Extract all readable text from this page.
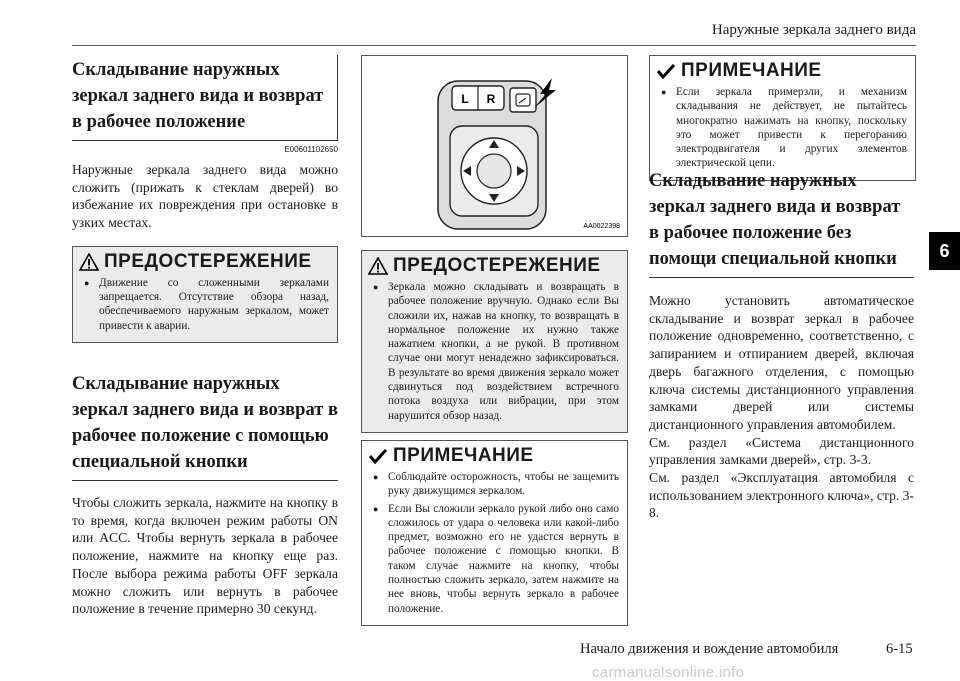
Наружные зеркала заднего вида
6
Складывание наружных зеркал заднего вида и возврат в рабочее положение
E00601102650
Наружные зеркала заднего вида можно сложить (прижать к стеклам дверей) во избежание их повреждения при остановке в узких местах.
ПРЕДОСТЕРЕЖЕНИЕ
● Движение со сложенными зеркалами запрещается. Отсутствие обзора назад, обеспечиваемого наружным зеркалом, может привести к аварии.
Складывание наружных зеркал заднего вида и возврат в рабочее положение с помощью специальной кнопки
Чтобы сложить зеркала, нажмите на кнопку в то время, когда включен режим работы ON или ACC. Чтобы вернуть зеркала в рабочее положение, нажмите на кнопку еще раз. После выбора режима работы OFF зеркала можно сложить или вернуть в рабочее положение в течение примерно 30 секунд.
L R
AA0022398
ПРЕДОСТЕРЕЖЕНИЕ
● Зеркала можно складывать и возвращать в рабочее положение вручную. Однако если Вы сложили их, нажав на кнопку, то возвращать в нормальное положение их нужно также нажатием кнопки, а не рукой. В противном случае они могут ненадежно зафиксироваться. В результате во время движения зеркало может сдвинуться под воздействием встречного потока воздуха или вибрации, при этом нарушится обзор назад.
ПРИМЕЧАНИЕ
● Соблюдайте осторожность, чтобы не защемить руку движущимся зеркалом.
● Если Вы сложили зеркало рукой либо оно само сложилось от удара о человека или какой-либо предмет, возможно его не удастся вернуть в рабочее положение с помощью кнопки. В таком случае нажмите на кнопку, чтобы полностью сложить зеркало, затем нажмите на нее вновь, чтобы вернуть зеркало в рабочее положение.
ПРИМЕЧАНИЕ
● Если зеркала примерзли, и механизм складывания не действует, не пытайтесь многократно нажимать на кнопку, поскольку это может привести к перегоранию электродвигателя и других элементов электрической цепи.
Складывание наружных зеркал заднего вида и возврат в рабочее положение без помощи специальной кнопки
Можно установить автоматическое складывание и возврат зеркал в рабочее положение одновременно, соответственно, с запиранием и отпиранием дверей, включая дверь багажного отделения, с помощью ключа системы дистанционного управления замками дверей или системы дистанционного управления автомобилем.
См. раздел «Система дистанционного управления замками дверей», стр. 3-3.
См. раздел «Эксплуатация автомобиля с использованием электронного ключа», стр. 3-8.
Начало движения и вождение автомобиля	6-15
carmanualsonline.info
